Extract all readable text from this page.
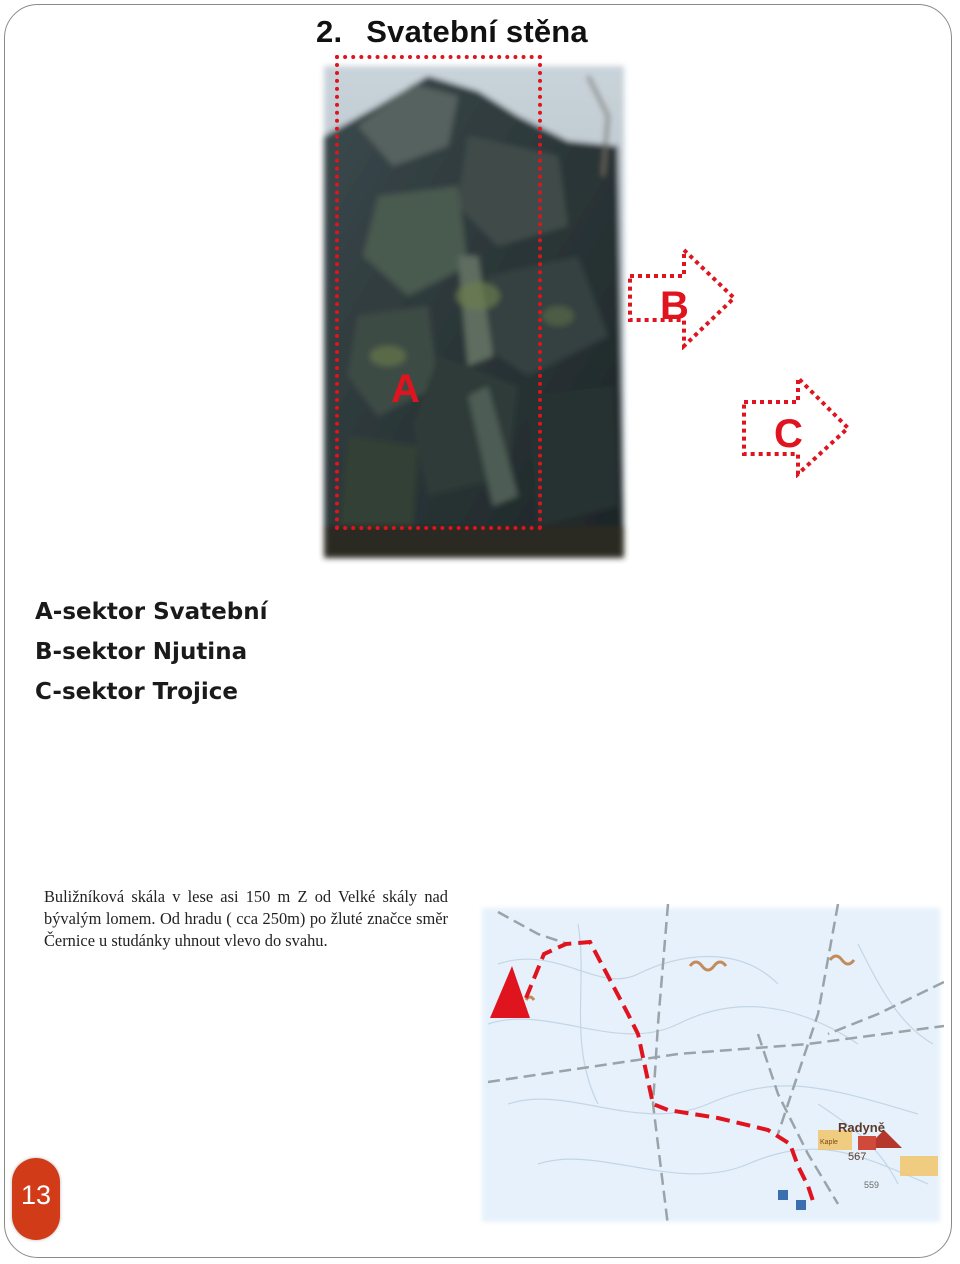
2. Svatební stěna
A
B
C
A-sektor Svatební
B-sektor Njutina
C-sektor Trojice
Buližníková skála v lese asi 150 m Z od Velké skály nad bývalým lomem. Od hradu ( cca 250m) po žluté značce směr Černice u studánky uhnout vlevo do svahu.
Radyně
567
559
Kaple
13
